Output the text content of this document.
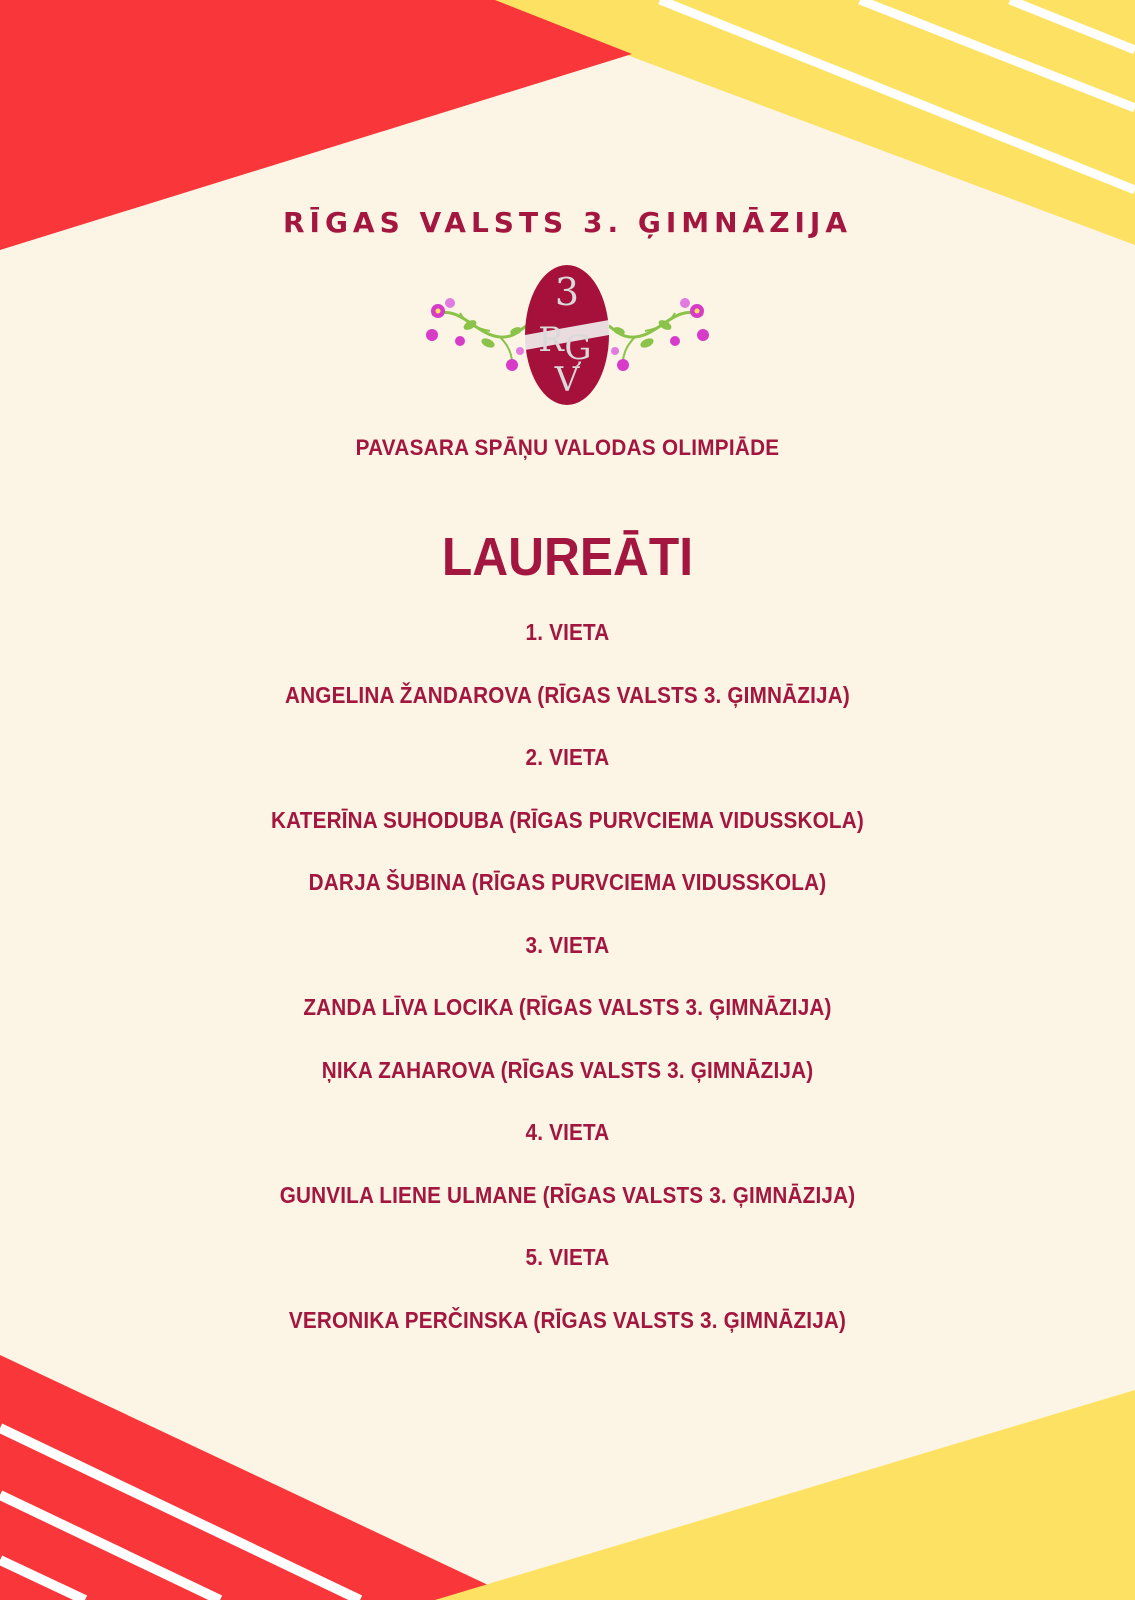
RĪGAS VALSTS 3. ĢIMNĀZIJA
3
R Ģ
V
PAVASARA SPĀŅU VALODAS OLIMPIĀDE
LAUREĀTI
1. VIETA
ANGELINA ŽANDAROVA (RĪGAS VALSTS 3. ĢIMNĀZIJA)
2. VIETA
KATERĪNA SUHODUBA (RĪGAS PURVCIEMA VIDUSSKOLA)
DARJA ŠUBINA (RĪGAS PURVCIEMA VIDUSSKOLA)
3. VIETA
ZANDA LĪVA LOCIKA (RĪGAS VALSTS 3. ĢIMNĀZIJA)
ŅIKA ZAHAROVA (RĪGAS VALSTS 3. ĢIMNĀZIJA)
4. VIETA
GUNVILA LIENE ULMANE (RĪGAS VALSTS 3. ĢIMNĀZIJA)
5. VIETA
VERONIKA PERČINSKA (RĪGAS VALSTS 3. ĢIMNĀZIJA)
